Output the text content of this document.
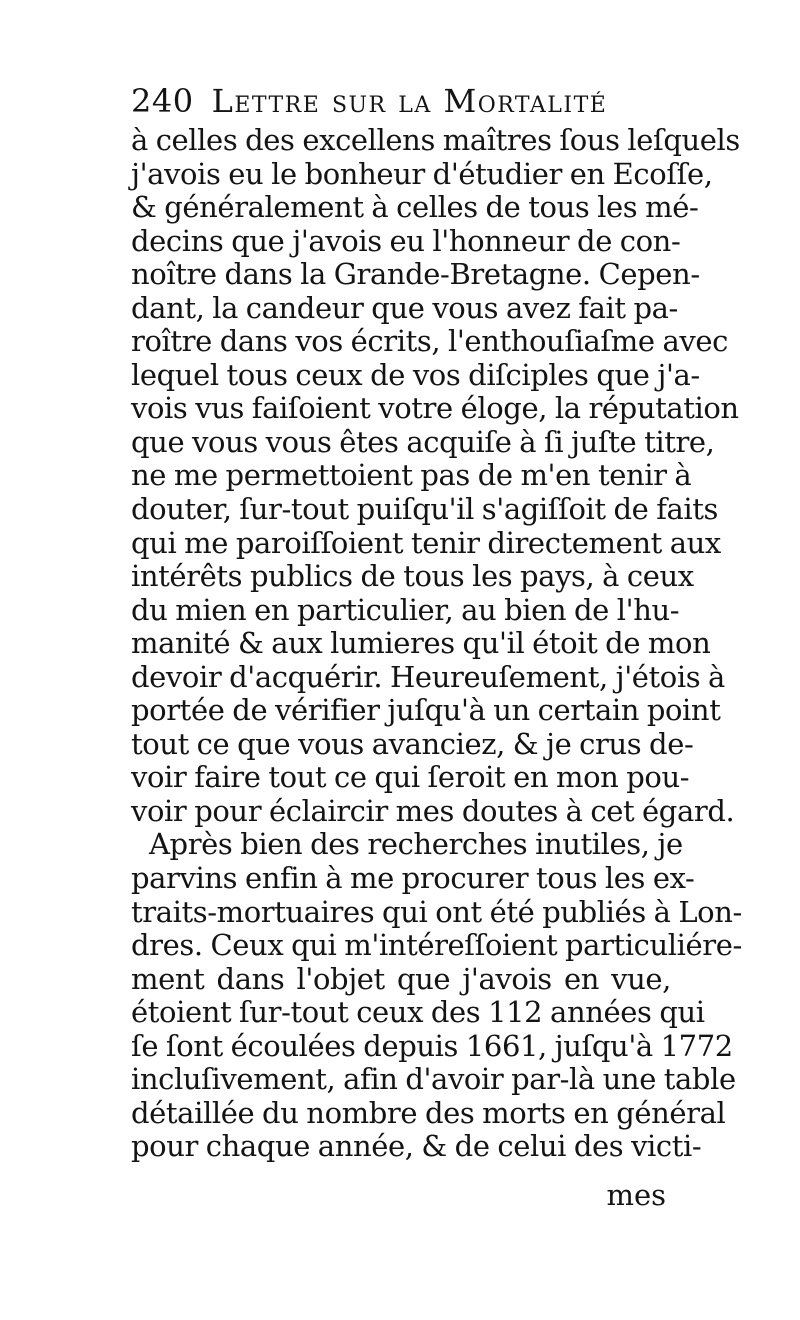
240 Lettre sur la Mortalité
à celles des excellens maîtres ſous leſquels
j'avois eu le bonheur d'étudier en Ecoſſe,
& généralement à celles de tous les mé-
decins que j'avois eu l'honneur de con-
noître dans la Grande-Bretagne. Cepen-
dant, la candeur que vous avez fait pa-
roître dans vos écrits, l'enthouſiaſme avec
lequel tous ceux de vos diſciples que j'a-
vois vus faiſoient votre éloge, la réputation
que vous vous êtes acquiſe à ſi juſte titre,
ne me permettoient pas de m'en tenir à
douter, ſur-tout puiſqu'il s'agiſſoit de faits
qui me paroiſſoient tenir directement aux
intérêts publics de tous les pays, à ceux
du mien en particulier, au bien de l'hu-
manité & aux lumieres qu'il étoit de mon
devoir d'acquérir. Heureuſement, j'étois à
portée de vérifier juſqu'à un certain point
tout ce que vous avanciez, & je crus de-
voir faire tout ce qui ſeroit en mon pou-
voir pour éclaircir mes doutes à cet égard.
Après bien des recherches inutiles, je
parvins enfin à me procurer tous les ex-
traits-mortuaires qui ont été publiés à Lon-
dres. Ceux qui m'intéreſſoient particuliére-
ment dans l'objet que j'avois en vue,
étoient ſur-tout ceux des 112 années qui
ſe ſont écoulées depuis 1661, juſqu'à 1772
incluſivement, afin d'avoir par-là une table
détaillée du nombre des morts en général
pour chaque année, & de celui des victi-
mes
